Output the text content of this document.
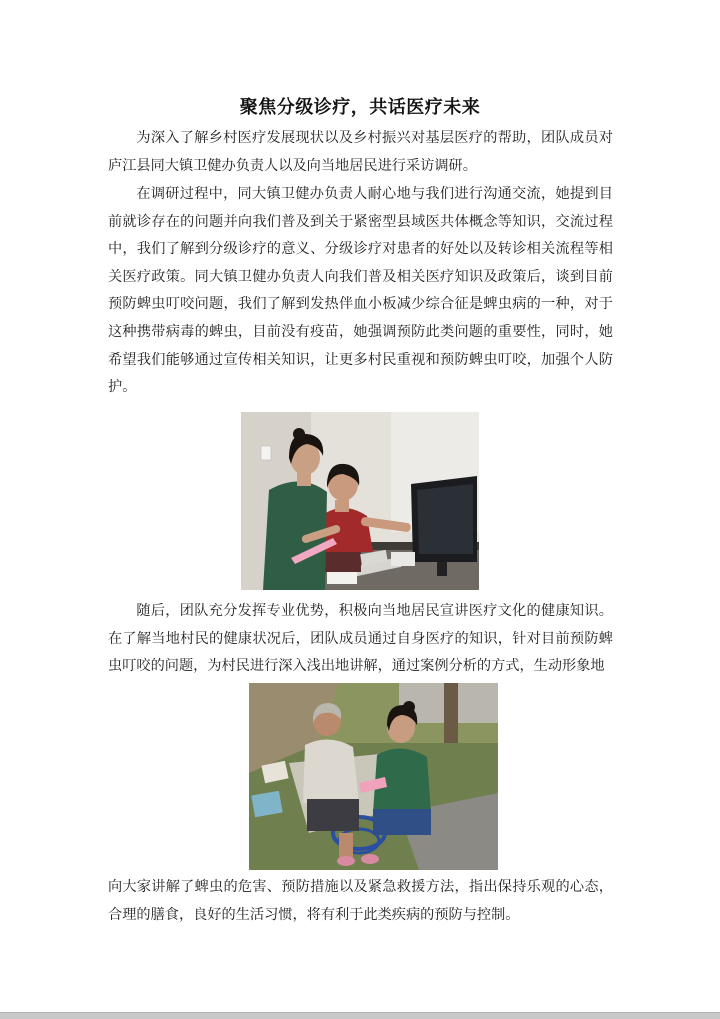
聚焦分级诊疗，共话医疗未来

为深入了解乡村医疗发展现状以及乡村振兴对基层医疗的帮助，团队成员对庐江县同大镇卫健办负责人以及向当地居民进行采访调研。

在调研过程中，同大镇卫健办负责人耐心地与我们进行沟通交流，她提到目前就诊存在的问题并向我们普及到关于紧密型县域医共体概念等知识，交流过程中，我们了解到分级诊疗的意义、分级诊疗对患者的好处以及转诊相关流程等相关医疗政策。同大镇卫健办负责人向我们普及相关医疗知识及政策后，谈到目前预防蜱虫叮咬问题，我们了解到发热伴血小板减少综合征是蜱虫病的一种，对于这种携带病毒的蜱虫，目前没有疫苗，她强调预防此类问题的重要性，同时，她希望我们能够通过宣传相关知识，让更多村民重视和预防蜱虫叮咬，加强个人防护。

随后，团队充分发挥专业优势，积极向当地居民宣讲医疗文化的健康知识。在了解当地村民的健康状况后，团队成员通过自身医疗的知识，针对目前预防蜱虫叮咬的问题，为村民进行深入浅出地讲解，通过案例分析的方式，生动形象地

向大家讲解了蜱虫的危害、预防措施以及紧急救援方法，指出保持乐观的心态，合理的膳食，良好的生活习惯，将有利于此类疾病的预防与控制。
